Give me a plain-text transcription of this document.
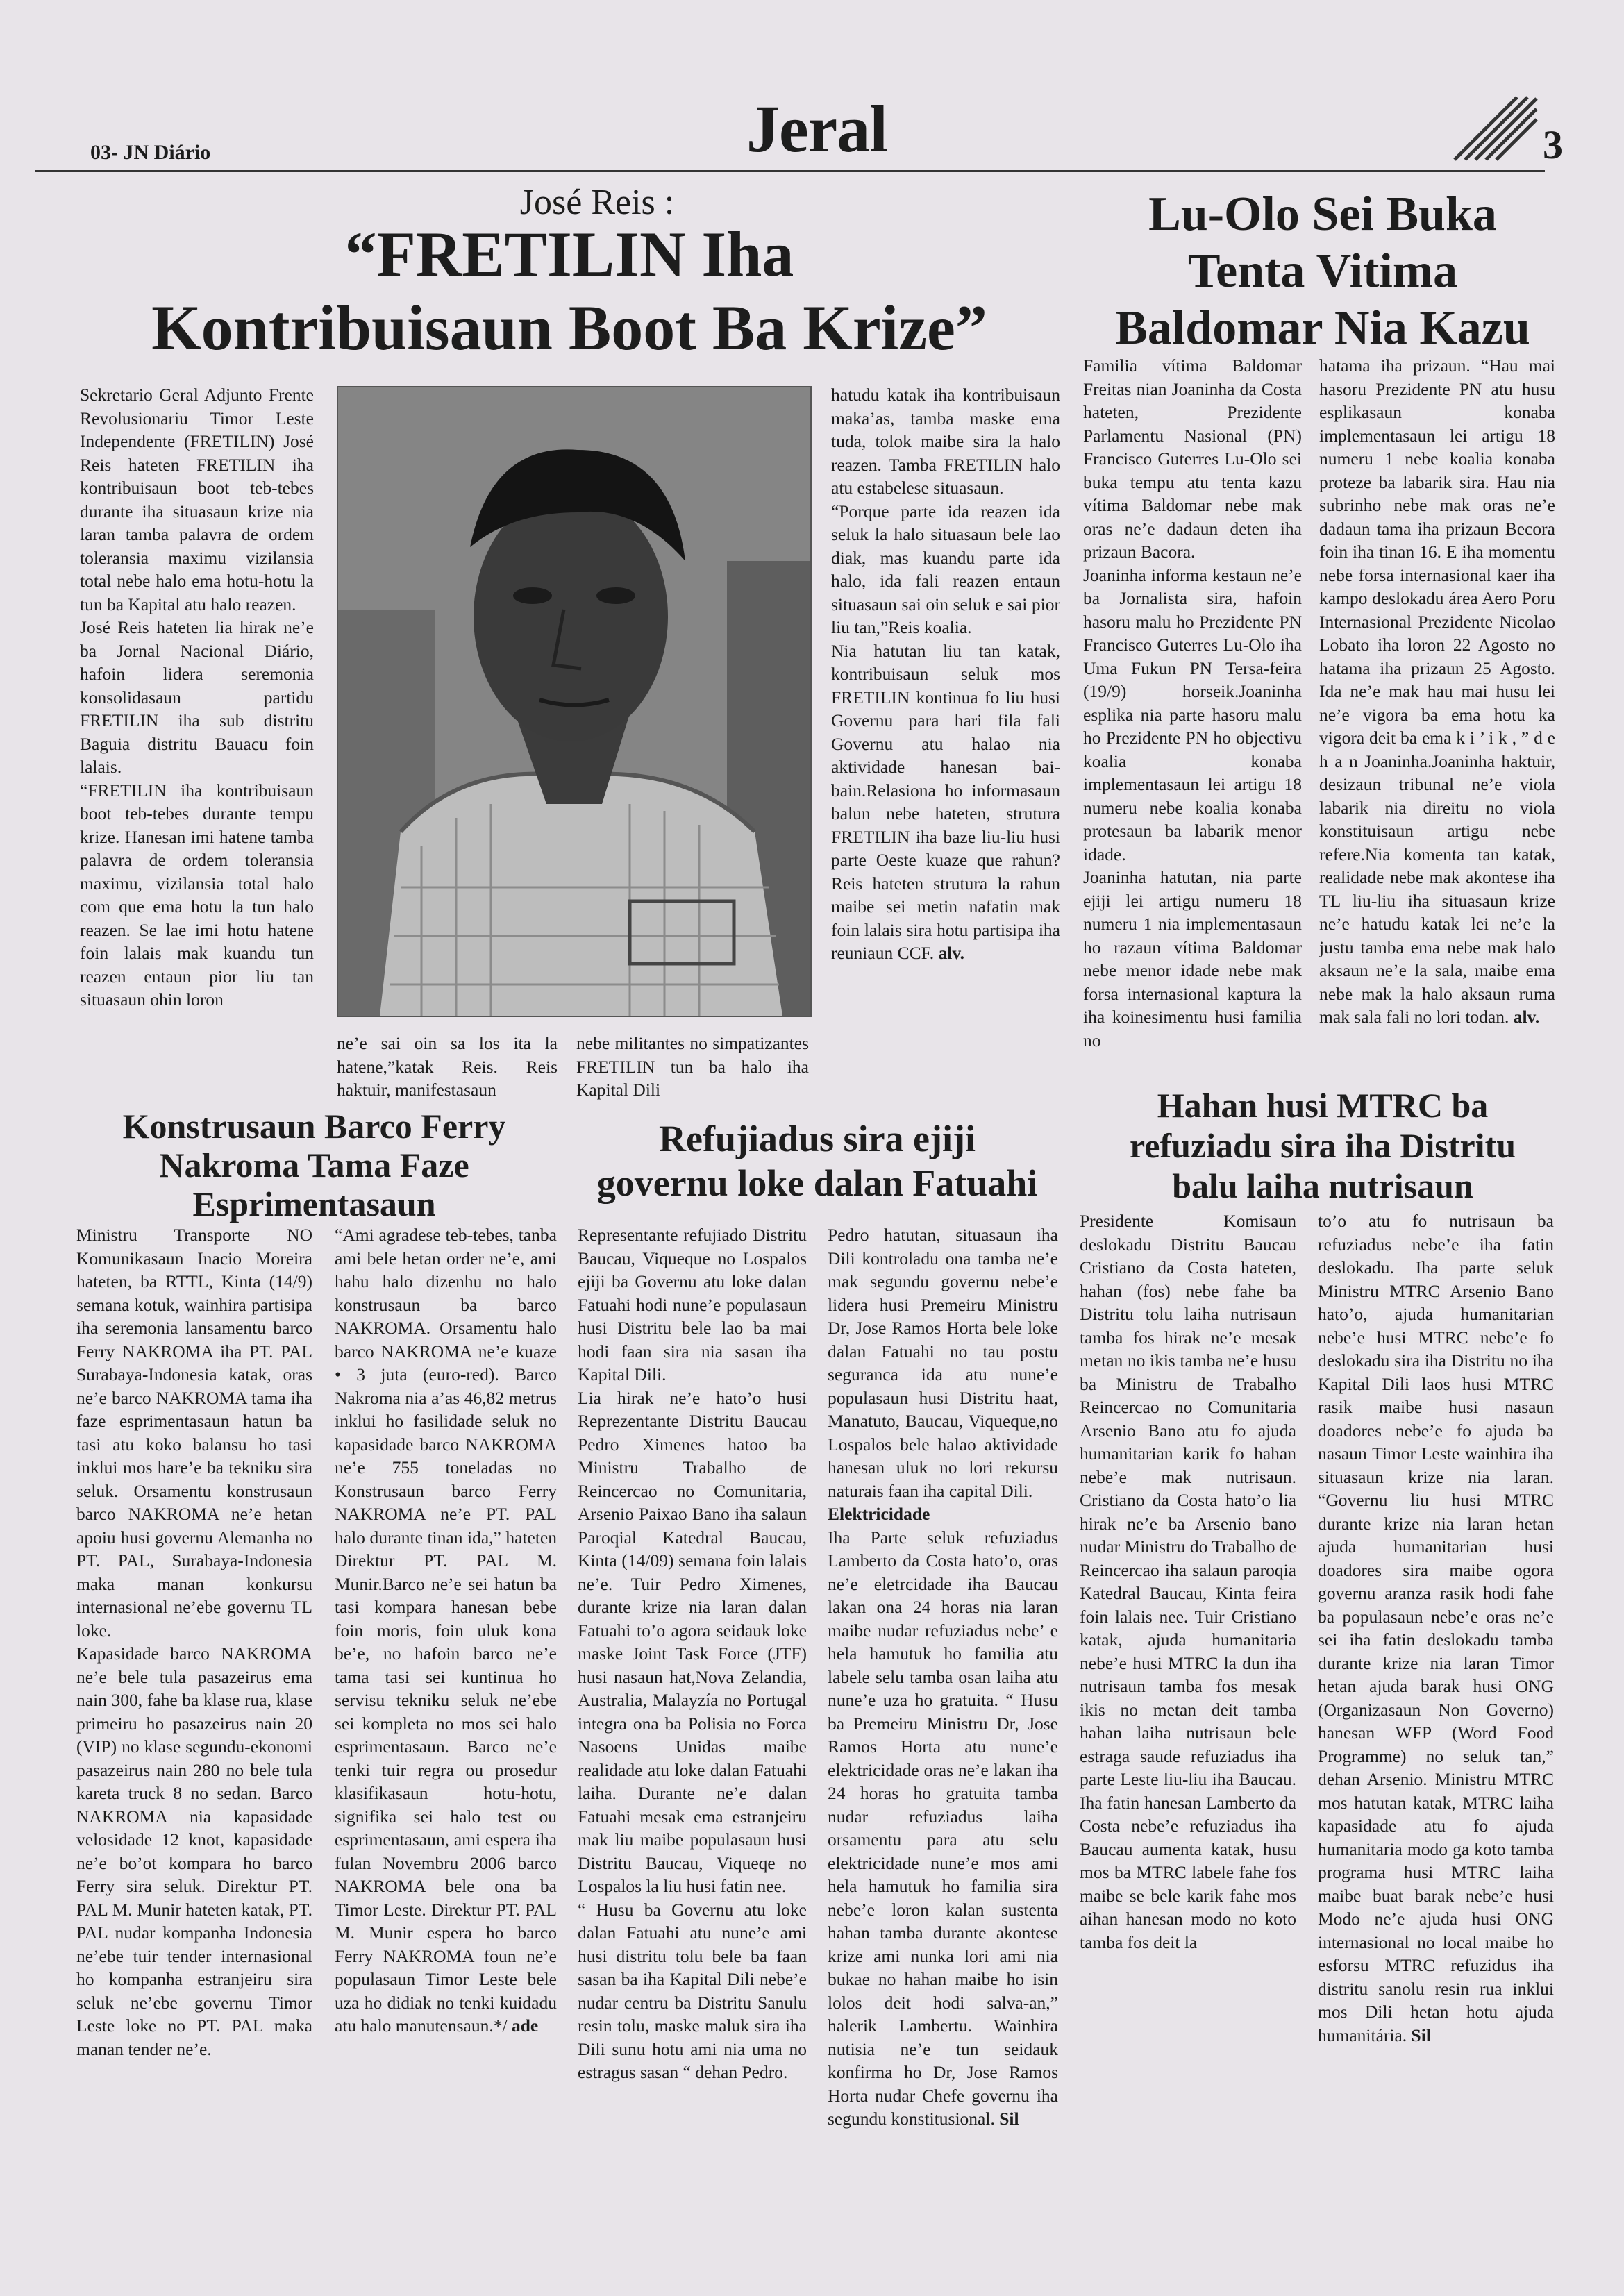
03- JN Diário	Jeral	3
José Reis :
“FRETILIN Iha
Kontribuisaun Boot Ba Krize”

Sekretario Geral Adjunto Frente Revolusionariu Timor Leste Independente (FRETILIN) José Reis hateten FRETILIN iha kontribuisaun boot teb-tebes durante iha situasaun krize nia laran tamba palavra de ordem toleransia maximu vizilansia total nebe halo ema hotu-hotu la tun ba Kapital atu halo reazen.

José Reis hateten lia hirak ne’e ba Jornal Nacional Diário, hafoin lidera seremonia konsolidasaun partidu FRETILIN iha sub distritu Baguia distritu Bauacu foin lalais.

“FRETILIN iha kontribuisaun boot teb-tebes durante tempu krize. Hanesan imi hatene tamba palavra de ordem toleransia maximu, vizilansia total halo com que ema hotu la tun halo reazen. Se lae imi hotu hatene foin lalais mak kuandu tun reazen entaun pior liu tan situasaun ohin loron

ne’e sai oin sa los ita la hatene,”katak Reis. Reis haktuir, manifestasaun

nebe militantes no simpatizantes FRETILIN tun ba halo iha Kapital Dili

hatudu katak iha kontribuisaun maka’as, tamba maske ema tuda, tolok maibe sira la halo reazen. Tamba FRETILIN halo atu estabelese situasaun.

“Porque parte ida reazen ida seluk la halo situasaun bele lao diak, mas kuandu parte ida halo, ida fali reazen entaun situasaun sai oin seluk e sai pior liu tan,”Reis koalia.

Nia hatutan liu tan katak, kontribuisaun seluk mos FRETILIN kontinua fo liu husi Governu para hari fila fali Governu atu halao nia aktividade hanesan bai-bain.Relasiona ho informasaun balun nebe hateten, strutura FRETILIN iha baze liu-liu husi parte Oeste kuaze que rahun? Reis hateten strutura la rahun maibe sei metin nafatin mak foin lalais sira hotu partisipa iha reuniaun CCF. alv.

Lu-Olo Sei Buka
Tenta Vitima
Baldomar Nia Kazu

Familia vítima Baldomar Freitas nian Joaninha da Costa hateten, Prezidente Parlamentu Nasional (PN) Francisco Guterres Lu-Olo sei buka tempu atu tenta kazu vítima Baldomar nebe mak oras ne’e dadaun deten iha prizaun Bacora.

Joaninha informa kestaun ne’e ba Jornalista sira, hafoin hasoru malu ho Prezidente PN Francisco Guterres Lu-Olo iha Uma Fukun PN Tersa-feira (19/9) horseik.Joaninha esplika nia parte hasoru malu ho Prezidente PN ho objectivu koalia konaba implementasaun lei artigu 18 numeru nebe koalia konaba protesaun ba labarik menor idade.

Joaninha hatutan, nia parte ejiji lei artigu numeru 18 numeru 1 nia implementasaun ho razaun vítima Baldomar nebe menor idade nebe mak forsa internasional kaptura la iha koinesimentu husi familia no

hatama iha prizaun. “Hau mai hasoru Prezidente PN atu husu esplikasaun konaba implementasaun lei artigu 18 numeru 1 nebe koalia konaba proteze ba labarik sira. Hau nia subrinho nebe mak oras ne’e dadaun tama iha prizaun Becora foin iha tinan 16. E iha momentu nebe forsa internasional kaer iha kampo deslokadu área Aero Poru Internasional Prezidente Nicolao Lobato iha loron 22 Agosto no hatama iha prizaun 25 Agosto. Ida ne’e mak hau mai husu lei ne’e vigora ba ema hotu ka vigora deit ba ema k i ’ i k , ” d e h a n Joaninha.Joaninha haktuir, desizaun tribunal ne’e viola labarik nia direitu no viola konstituisaun artigu nebe refere.Nia komenta tan katak, realidade nebe mak akontese iha TL liu-liu iha situasaun krize ne’e hatudu katak lei ne’e la justu tamba ema nebe mak halo aksaun ne’e la sala, maibe ema nebe mak la halo aksaun ruma mak sala fali no lori todan. alv.

Konstrusaun Barco Ferry
Nakroma Tama Faze
Esprimentasaun

Ministru Transporte NO Komunikasaun Inacio Moreira hateten, ba RTTL, Kinta (14/9) semana kotuk, wainhira partisipa iha seremonia lansamentu barco Ferry NAKROMA iha PT. PAL Surabaya-Indonesia katak, oras ne’e barco NAKROMA tama iha faze esprimentasaun hatun ba tasi atu koko balansu ho tasi inklui mos hare’e ba tekniku sira seluk. Orsamentu konstrusaun barco NAKROMA ne’e hetan apoiu husi governu Alemanha no PT. PAL, Surabaya-Indonesia maka manan konkursu internasional ne’ebe governu TL loke.

Kapasidade barco NAKROMA ne’e bele tula pasazeirus ema nain 300, fahe ba klase rua, klase primeiru ho pasazeirus nain 20 (VIP) no klase segundu-ekonomi pasazeirus nain 280 no bele tula kareta truck 8 no sedan. Barco NAKROMA nia kapasidade velosidade 12 knot, kapasidade ne’e bo’ot kompara ho barco Ferry sira seluk. Direktur PT. PAL M. Munir hateten katak, PT. PAL nudar kompanha Indonesia ne’ebe tuir tender internasional ho kompanha estranjeiru sira seluk ne’ebe governu Timor Leste loke no PT. PAL maka manan tender ne’e.

“Ami agradese teb-tebes, tanba ami bele hetan order ne’e, ami hahu halo dizenhu no halo konstrusaun ba barco NAKROMA. Orsamentu halo barco NAKROMA ne’e kuaze • 3 juta (euro-red). Barco Nakroma nia a’as 46,82 metrus inklui ho fasilidade seluk no kapasidade barco NAKROMA ne’e 755 toneladas no Konstrusaun barco Ferry NAKROMA ne’e PT. PAL halo durante tinan ida,” hateten Direktur PT. PAL M. Munir.Barco ne’e sei hatun ba tasi kompara hanesan bebe foin moris, foin uluk kona be’e, no hafoin barco ne’e tama tasi sei kuntinua ho servisu tekniku seluk ne’ebe sei kompleta no mos sei halo esprimentasaun. Barco ne’e tenki tuir regra ou prosedur klasifikasaun hotu-hotu, signifika sei halo test ou esprimentasaun, ami espera iha fulan Novembru 2006 barco NAKROMA bele ona ba Timor Leste. Direktur PT. PAL M. Munir espera ho barco Ferry NAKROMA foun ne’e populasaun Timor Leste bele uza ho didiak no tenki kuidadu atu halo manutensaun.*/ ade

Refujiadus sira ejiji
governu loke dalan Fatuahi

Representante refujiado Distritu Baucau, Viqueque no Lospalos ejiji ba Governu atu loke dalan Fatuahi hodi nune’e populasaun husi Distritu bele lao ba mai hodi faan sira nia sasan iha Kapital Dili.

Lia hirak ne’e hato’o husi Reprezentante Distritu Baucau Pedro Ximenes hatoo ba Ministru Trabalho de Reincercao no Comunitaria, Arsenio Paixao Bano iha salaun Paroqial Katedral Baucau, Kinta (14/09) semana foin lalais ne’e. Tuir Pedro Ximenes, durante krize nia laran dalan Fatuahi to’o agora seidauk loke maske Joint Task Force (JTF) husi nasaun hat,Nova Zelandia, Australia, Malayzía no Portugal integra ona ba Polisia no Forca Nasoens Unidas maibe realidade atu loke dalan Fatuahi laiha. Durante ne’e dalan Fatuahi mesak ema estranjeiru mak liu maibe populasaun husi Distritu Baucau, Viqueqe no Lospalos la liu husi fatin nee.

“ Husu ba Governu atu loke dalan Fatuahi atu nune’e ami husi distritu tolu bele ba faan sasan ba iha Kapital Dili nebe’e nudar centru ba Distritu Sanulu resin tolu, maske maluk sira iha Dili sunu hotu ami nia uma no estragus sasan “ dehan Pedro.

Pedro hatutan, situasaun iha Dili kontroladu ona tamba ne’e mak segundu governu nebe’e lidera husi Premeiru Ministru Dr, Jose Ramos Horta bele loke dalan Fatuahi no tau postu seguranca ida atu nune’e populasaun husi Distritu haat, Manatuto, Baucau, Viqueque,no Lospalos bele halao aktividade hanesan uluk no lori rekursu naturais faan iha capital Dili.

Elektricidade

Iha Parte seluk refuziadus Lamberto da Costa hato’o, oras ne’e eletrcidade iha Baucau lakan ona 24 horas nia laran maibe nudar refuziadus nebe’ e hela hamutuk ho familia atu labele selu tamba osan laiha atu nune’e uza ho gratuita. “ Husu ba Premeiru Ministru Dr, Jose Ramos Horta atu nune’e elektricidade oras ne’e lakan iha 24 horas ho gratuita tamba nudar refuziadus laiha orsamentu para atu selu elektricidade nune’e mos ami hela hamutuk ho familia sira nebe’e loron kalan sustenta hahan tamba durante akontese krize ami nunka lori ami nia bukae no hahan maibe ho isin lolos deit hodi salva-an,” halerik Lambertu. Wainhira nutisia ne’e tun seidauk konfirma ho Dr, Jose Ramos Horta nudar Chefe governu iha segundu konstitusional. Sil

Hahan husi MTRC ba
refuziadu sira iha Distritu
balu laiha nutrisaun

Presidente Komisaun deslokadu Distritu Baucau Cristiano da Costa hateten, hahan (fos) nebe fahe ba Distritu tolu laiha nutrisaun tamba fos hirak ne’e mesak metan no ikis tamba ne’e husu ba Ministru de Trabalho Reincercao no Comunitaria Arsenio Bano atu fo ajuda humanitarian karik fo hahan nebe’e mak nutrisaun. Cristiano da Costa hato’o lia hirak ne’e ba Arsenio bano nudar Ministru do Trabalho de Reincercao iha salaun paroqia Katedral Baucau, Kinta feira foin lalais nee. Tuir Cristiano katak, ajuda humanitaria nebe’e husi MTRC la dun iha nutrisaun tamba fos mesak ikis no metan deit tamba hahan laiha nutrisaun bele estraga saude refuziadus iha parte Leste liu-liu iha Baucau. Iha fatin hanesan Lamberto da Costa nebe’e refuziadus iha Baucau aumenta katak, husu mos ba MTRC labele fahe fos maibe se bele karik fahe mos aihan hanesan modo no koto tamba fos deit la

to’o atu fo nutrisaun ba refuziadus nebe’e iha fatin deslokadu. Iha parte seluk Ministru MTRC Arsenio Bano hato’o, ajuda humanitarian nebe’e husi MTRC nebe’e fo deslokadu sira iha Distritu no iha Kapital Dili laos husi MTRC rasik maibe husi nasaun doadores nebe’e fo ajuda ba nasaun Timor Leste wainhira iha situasaun krize nia laran. “Governu liu husi MTRC durante krize nia laran hetan ajuda humanitarian husi doadores sira maibe ogora governu aranza rasik hodi fahe ba populasaun nebe’e oras ne’e sei iha fatin deslokadu tamba durante krize nia laran Timor hetan ajuda barak husi ONG (Organizasaun Non Governo) hanesan WFP (Word Food Programme) no seluk tan,” dehan Arsenio. Ministru MTRC mos hatutan katak, MTRC laiha kapasidade atu fo ajuda humanitaria modo ga koto tamba programa husi MTRC laiha maibe buat barak nebe’e husi Modo ne’e ajuda husi ONG internasional no local maibe ho esforsu MTRC refuzidus iha distritu sanolu resin rua inklui mos Dili hetan hotu ajuda humanitária. Sil
